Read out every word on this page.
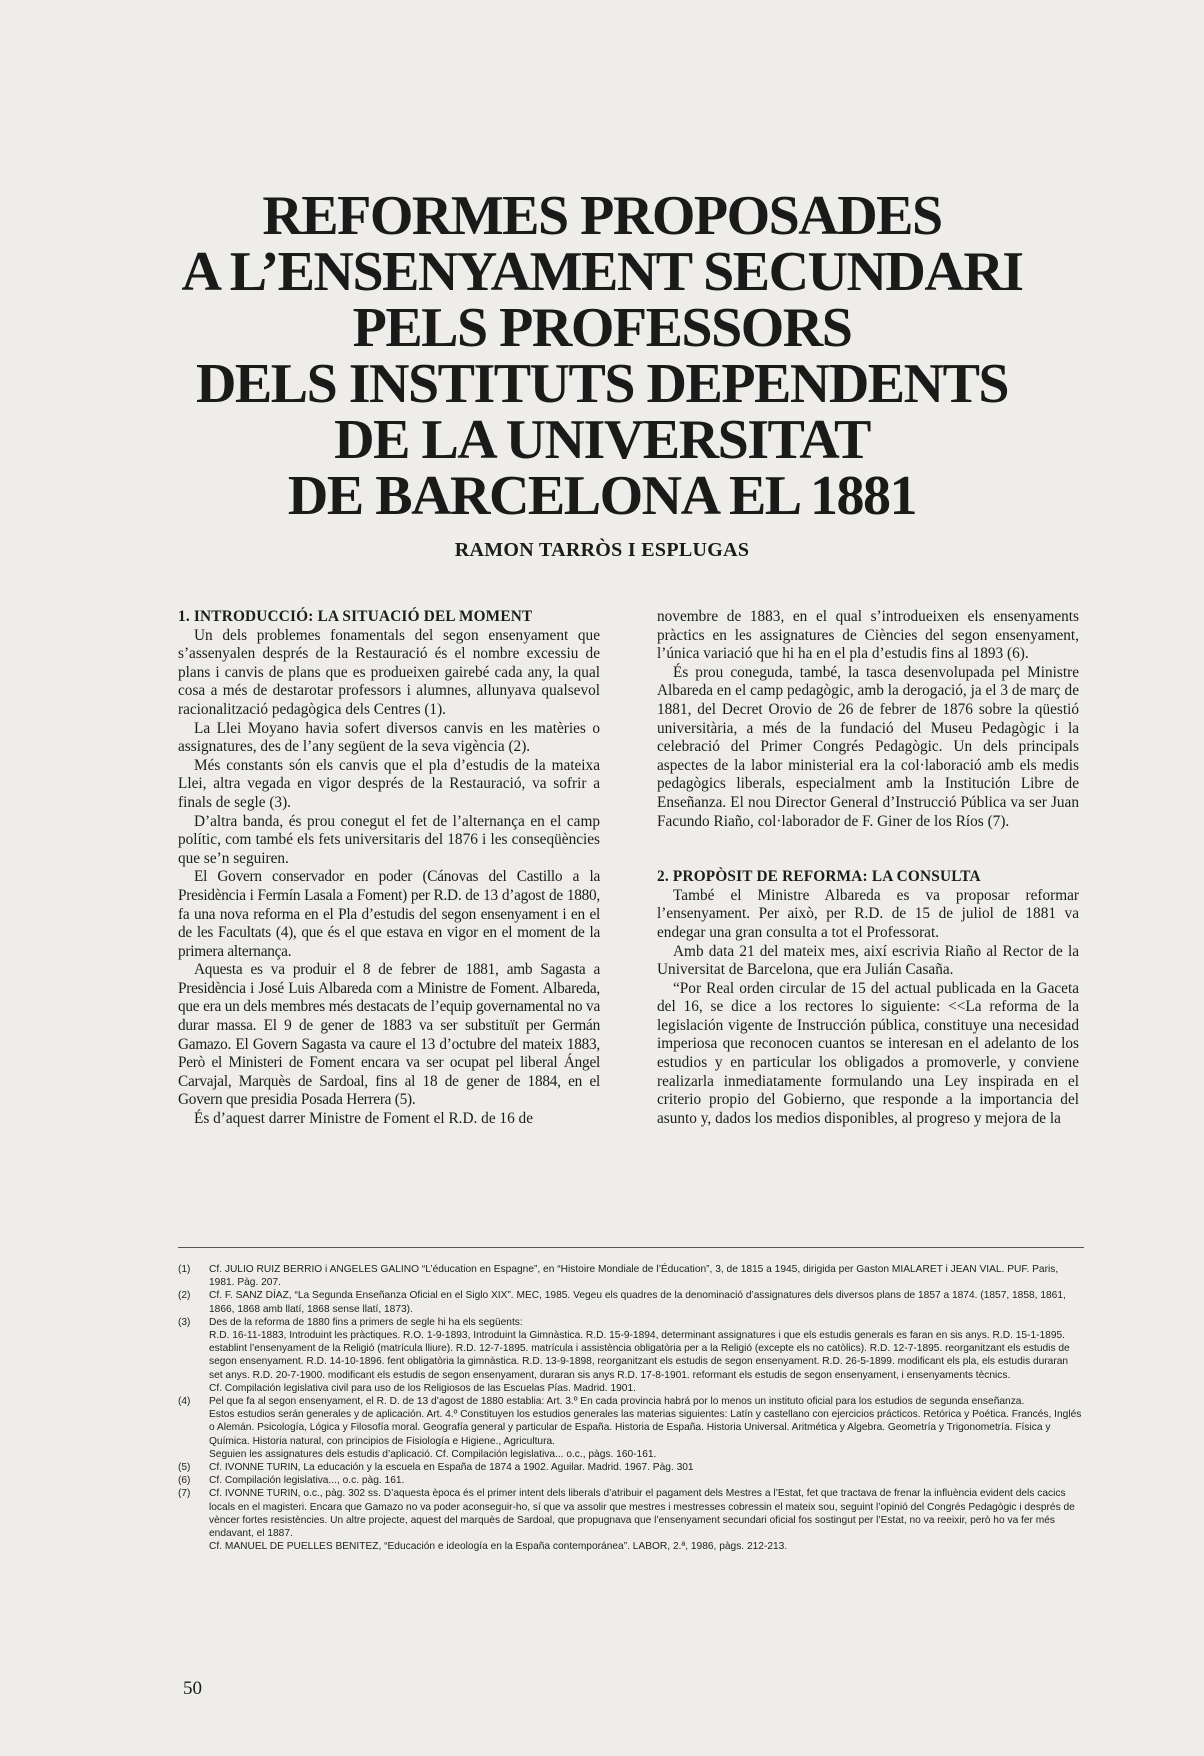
REFORMES PROPOSADES
A L’ENSENYAMENT SECUNDARI
PELS PROFESSORS
DELS INSTITUTS DEPENDENTS
DE LA UNIVERSITAT
DE BARCELONA EL 1881
RAMON TARRÒS I ESPLUGAS
1. INTRODUCCIÓ: LA SITUACIÓ DEL MOMENT

Un dels problemes fonamentals del segon ensenyament que s’assenyalen després de la Restauració és el nombre excessiu de plans i canvis de plans que es produeixen gairebé cada any, la qual cosa a més de destarotar professors i alumnes, allunyava qualsevol racionalització pedagògica dels Centres (1).

La Llei Moyano havia sofert diversos canvis en les matèries o assignatures, des de l’any següent de la seva vigència (2).

Més constants són els canvis que el pla d’estudis de la mateixa Llei, altra vegada en vigor després de la Restauració, va sofrir a finals de segle (3).

D’altra banda, és prou conegut el fet de l’alternança en el camp polític, com també els fets universitaris del 1876 i les conseqüències que se’n seguiren.

El Govern conservador en poder (Cánovas del Castillo a la Presidència i Fermín Lasala a Foment) per R.D. de 13 d’agost de 1880, fa una nova reforma en el Pla d’estudis del segon ensenyament i en el de les Facultats (4), que és el que estava en vigor en el moment de la primera alternança.

Aquesta es va produir el 8 de febrer de 1881, amb Sagasta a Presidència i José Luis Albareda com a Ministre de Foment. Albareda, que era un dels membres més destacats de l’equip governamental no va durar massa. El 9 de gener de 1883 va ser substituït per Germán Gamazo. El Govern Sagasta va caure el 13 d’octubre del mateix 1883, Però el Ministeri de Foment encara va ser ocupat pel liberal Ángel Carvajal, Marquès de Sardoal, fins al 18 de gener de 1884, en el Govern que presidia Posada Herrera (5).

És d’aquest darrer Ministre de Foment el R.D. de 16 de

novembre de 1883, en el qual s’introdueixen els ensenyaments pràctics en les assignatures de Ciències del segon ensenyament, l’única variació que hi ha en el pla d’estudis fins al 1893 (6).

És prou coneguda, també, la tasca desenvolupada pel Ministre Albareda en el camp pedagògic, amb la derogació, ja el 3 de març de 1881, del Decret Orovio de 26 de febrer de 1876 sobre la qüestió universitària, a més de la fundació del Museu Pedagògic i la celebració del Primer Congrés Pedagògic. Un dels principals aspectes de la labor ministerial era la col·laboració amb els medis pedagògics liberals, especialment amb la Institución Libre de Enseñanza. El nou Director General d’Instrucció Pública va ser Juan Facundo Riaño, col·laborador de F. Giner de los Ríos (7).

2. PROPÒSIT DE REFORMA: LA CONSULTA

També el Ministre Albareda es va proposar reformar l’ensenyament. Per això, per R.D. de 15 de juliol de 1881 va endegar una gran consulta a tot el Professorat.

Amb data 21 del mateix mes, així escrivia Riaño al Rector de la Universitat de Barcelona, que era Julián Casaña.

“Por Real orden circular de 15 del actual publicada en la Gaceta del 16, se dice a los rectores lo siguiente: <<La reforma de la legislación vigente de Instrucción pública, constituye una necesidad imperiosa que reconocen cuantos se interesan en el adelanto de los estudios y en particular los obligados a promoverle, y conviene realizarla inmediatamente formulando una Ley inspirada en el criterio propio del Gobierno, que responde a la importancia del asunto y, dados los medios disponibles, al progreso y mejora de la

(1)	Cf. JULIO RUIZ BERRIO i ANGELES GALINO “L’éducation en Espagne”, en “Histoire Mondiale de l’Éducation”, 3, de 1815 a 1945, dirigida per Gaston MIALARET i JEAN VIAL. PUF. Paris, 1981. Pàg. 207.
(2)	Cf. F. SANZ DÍAZ, “La Segunda Enseñanza Oficial en el Siglo XIX”. MEC, 1985. Vegeu els quadres de la denominació d’assignatures dels diversos plans de 1857 a 1874. (1857, 1858, 1861, 1866, 1868 amb llatí, 1868 sense llatí, 1873).
(3)	Des de la reforma de 1880 fins a primers de segle hi ha els següents:
R.D. 16-11-1883, Introduint les pràctiques. R.O. 1-9-1893, Introduint la Gimnàstica. R.D. 15-9-1894, determinant assignatures i que els estudis generals es faran en sis anys. R.D. 15-1-1895. establint l’ensenyament de la Religió (matrícula lliure). R.D. 12-7-1895. matrícula i assistència obligatòria per a la Religió (excepte els no catòlics). R.D. 12-7-1895. reorganitzant els estudis de segon ensenyament. R.D. 14-10-1896. fent obligatòria la gimnàstica. R.D. 13-9-1898, reorganitzant els estudis de segon ensenyament. R.D. 26-5-1899. modificant els pla, els estudis duraran set anys. R.D. 20-7-1900. modificant els estudis de segon ensenyament, duraran sis anys R.D. 17-8-1901. reformant els estudis de segon ensenyament, i ensenyaments tècnics.
Cf. Compilación legislativa civil para uso de los Religiosos de las Escuelas Pías. Madrid. 1901.
(4)	Pel que fa al segon ensenyament, el R. D. de 13 d’agost de 1880 establia: Art. 3.º En cada provincia habrá por lo menos un instituto oficial para los estudios de segunda enseñanza.
Estos estudios serán generales y de aplicación. Art. 4.º Constituyen los estudios generales las materias siguientes: Latín y castellano con ejercicios prácticos. Retórica y Poética. Francés, Inglés o Alemán. Psicología, Lógica y Filosofía moral. Geografía general y particular de España. Historia de España. Historia Universal. Aritmética y Algebra. Geometría y Trigonometría. Física y Química. Historia natural, con principios de Fisiología e Higiene., Agricultura.
Seguien les assignatures dels estudis d’aplicació. Cf. Compilación legislativa... o.c., pàgs. 160-161.
(5)	Cf. IVONNE TURIN, La educación y la escuela en España de 1874 a 1902. Aguilar. Madrid. 1967. Pàg. 301
(6)	Cf. Compilación legislativa..., o.c. pàg. 161.
(7)	Cf. IVONNE TURIN, o.c., pàg. 302 ss. D’aquesta època és el primer intent dels liberals d’atribuir el pagament dels Mestres a l’Estat, fet que tractava de frenar la influència evident dels cacics locals en el magisteri. Encara que Gamazo no va poder aconseguir-ho, sí que va assolir que mestres i mestresses cobressin el mateix sou, seguint l’opinió del Congrés Pedagògic i després de vèncer fortes resistències. Un altre projecte, aquest del marquès de Sardoal, que propugnava que l’ensenyament secundari oficial fos sostingut per l’Estat, no va reeixir, però ho va fer més endavant, el 1887.
Cf. MANUEL DE PUELLES BENITEZ, “Educación e ideología en la España contemporánea”. LABOR, 2.ª, 1986, pàgs. 212-213.
50
